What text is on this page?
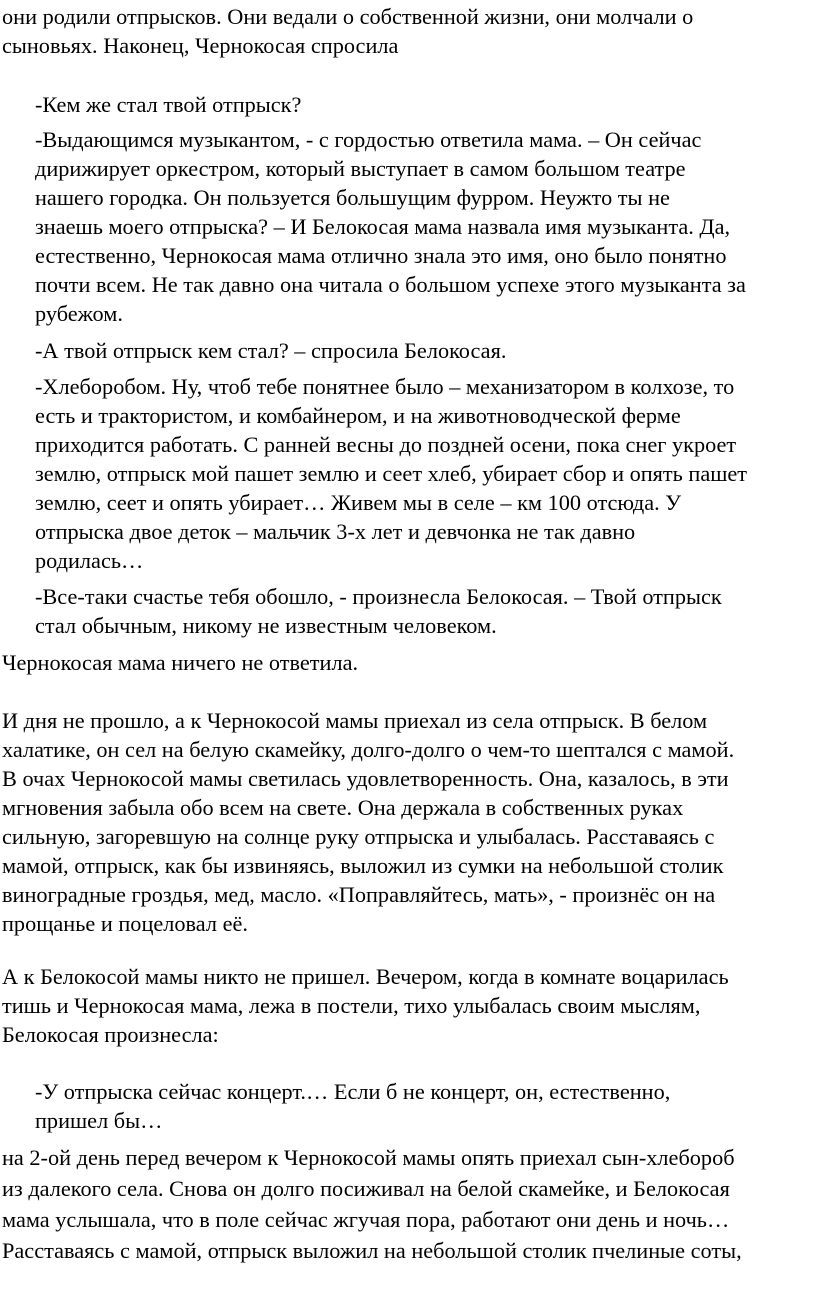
они родили отпрысков. Они ведали о собственной жизни, они молчали о
сыновьях. Наконец, Чернокосая спросила

-Кем же стал твой отпрыск?

-Выдающимся музыкантом, - с гордостью ответила мама. – Он сейчас
дирижирует оркестром, который выступает в самом большом театре
нашего городка. Он пользуется большущим фурром. Неужто ты не
знаешь моего отпрыска? – И Белокосая мама назвала имя музыканта. Да,
естественно, Чернокосая мама отлично знала это имя, оно было понятно
почти всем. Не так давно она читала о большом успехе этого музыканта за
рубежом.

-А твой отпрыск кем стал? – спросила Белокосая.

-Хлеборобом. Ну, чтоб тебе понятнее было – механизатором в колхозе, то
есть и трактористом, и комбайнером, и на животноводческой ферме
приходится работать. С ранней весны до поздней осени, пока снег укроет
землю, отпрыск мой пашет землю и сеет хлеб, убирает сбор и опять пашет
землю, сеет и опять убирает… Живем мы в селе – км 100 отсюда. У
отпрыска двое деток – мальчик 3-х лет и девчонка не так давно
родилась…

-Все-таки счастье тебя обошло, - произнесла Белокосая. – Твой отпрыск
стал обычным, никому не известным человеком.

Чернокосая мама ничего не ответила.

И дня не прошло, а к Чернокосой мамы приехал из села отпрыск. В белом
халатике, он сел на белую скамейку, долго-долго о чем-то шептался с мамой.
В очах Чернокосой мамы светилась удовлетворенность. Она, казалось, в эти
мгновения забыла обо всем на свете. Она держала в собственных руках
сильную, загоревшую на солнце руку отпрыска и улыбалась. Расставаясь с
мамой, отпрыск, как бы извиняясь, выложил из сумки на небольшой столик
виноградные гроздья, мед, масло. «Поправляйтесь, мать», - произнёс он на
прощанье и поцеловал её.

А к Белокосой мамы никто не пришел. Вечером, когда в комнате воцарилась
тишь и Чернокосая мама, лежа в постели, тихо улыбалась своим мыслям,
Белокосая произнесла:

-У отпрыска сейчас концерт.… Если б не концерт, он, естественно,
пришел бы…

на 2-ой день перед вечером к Чернокосой мамы опять приехал сын-хлебороб
из далекого села. Снова он долго посиживал на белой скамейке, и Белокосая
мама услышала, что в поле сейчас жгучая пора, работают они день и ночь…
Расставаясь с мамой, отпрыск выложил на небольшой столик пчелиные соты,
